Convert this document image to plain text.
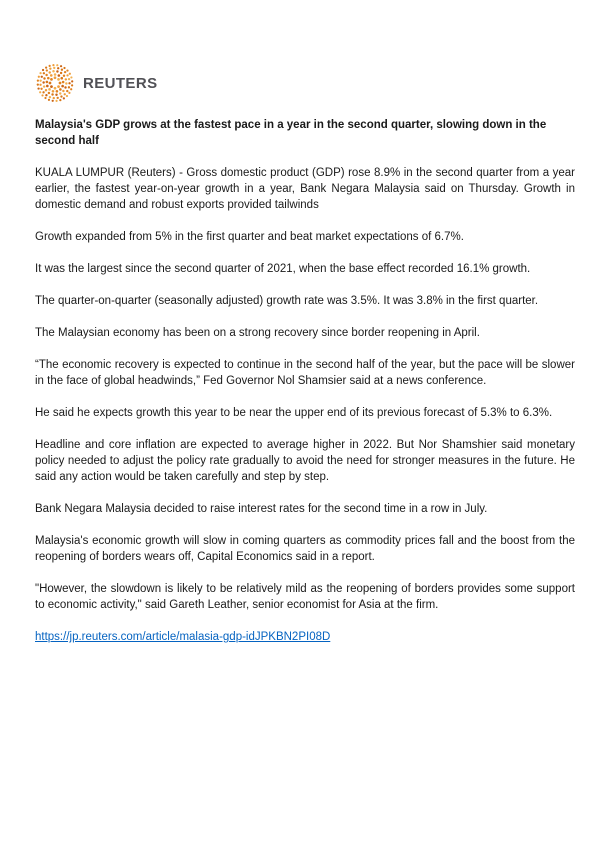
REUTERS
Malaysia's GDP grows at the fastest pace in a year in the second quarter, slowing down in the second half

KUALA LUMPUR (Reuters) - Gross domestic product (GDP) rose 8.9% in the second quarter from a year earlier, the fastest year-on-year growth in a year, Bank Negara Malaysia said on Thursday. Growth in domestic demand and robust exports provided tailwinds

Growth expanded from 5% in the first quarter and beat market expectations of 6.7%.

It was the largest since the second quarter of 2021, when the base effect recorded 16.1% growth.

The quarter-on-quarter (seasonally adjusted) growth rate was 3.5%. It was 3.8% in the first quarter.

The Malaysian economy has been on a strong recovery since border reopening in April.

“The economic recovery is expected to continue in the second half of the year, but the pace will be slower in the face of global headwinds,” Fed Governor Nol Shamsier said at a news conference.

He said he expects growth this year to be near the upper end of its previous forecast of 5.3% to 6.3%.

Headline and core inflation are expected to average higher in 2022. But Nor Shamshier said monetary policy needed to adjust the policy rate gradually to avoid the need for stronger measures in the future. He said any action would be taken carefully and step by step.

Bank Negara Malaysia decided to raise interest rates for the second time in a row in July.

Malaysia's economic growth will slow in coming quarters as commodity prices fall and the boost from the reopening of borders wears off, Capital Economics said in a report.

"However, the slowdown is likely to be relatively mild as the reopening of borders provides some support to economic activity," said Gareth Leather, senior economist for Asia at the firm.

https://jp.reuters.com/article/malasia-gdp-idJPKBN2PI08D
